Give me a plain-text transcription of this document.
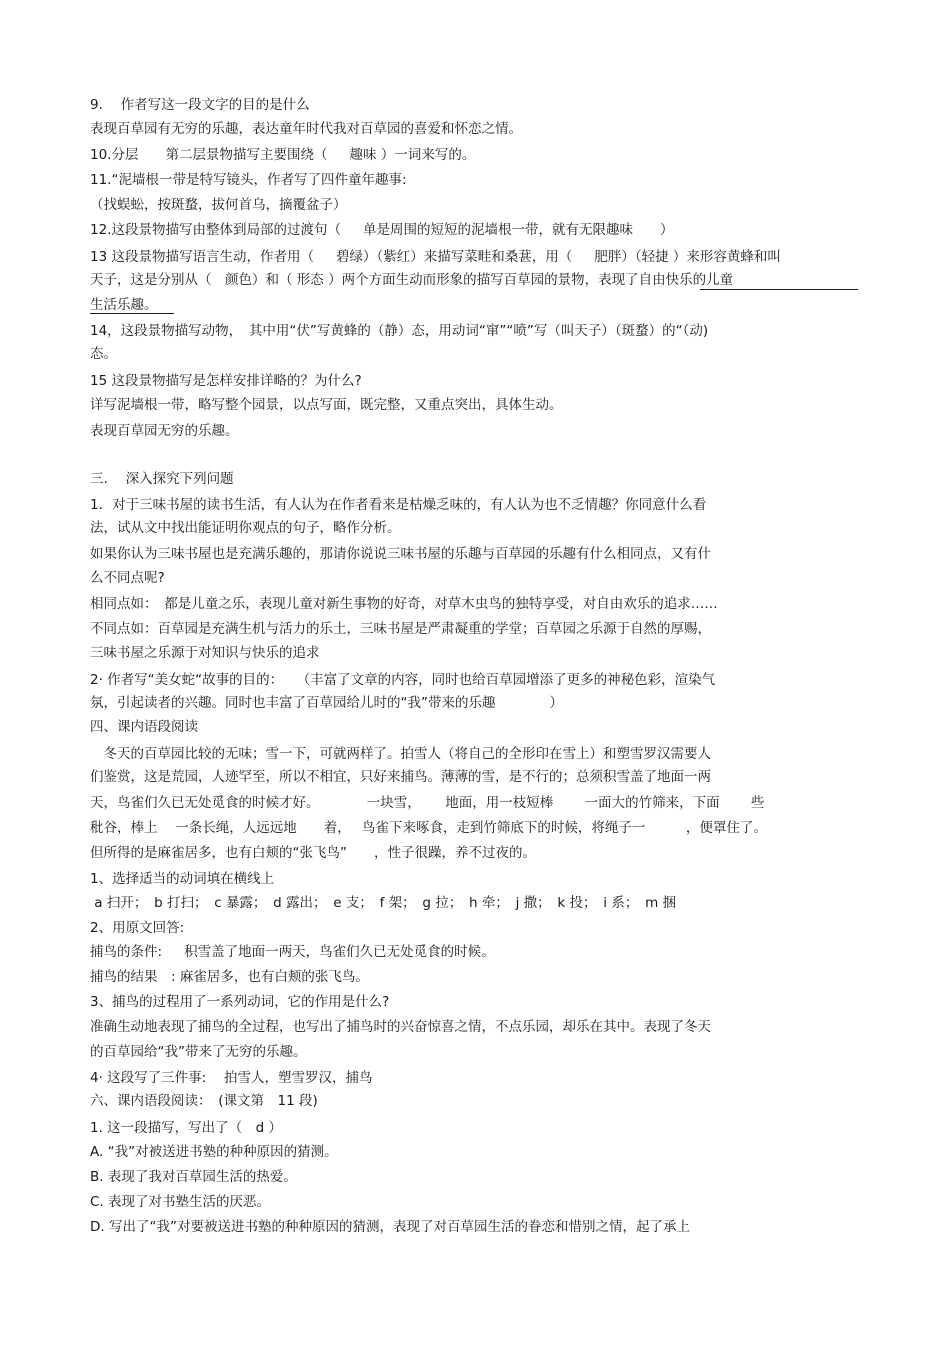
9.　 作者写这一段文字的目的是什么
表现百草园有无穷的乐趣，表达童年时代我对百草园的喜爱和怀恋之情。
10.分层　　第二层景物描写主要围绕（　  趣味 ）一词来写的。
11.“泥墙根一带是特写镜头，作者写了四件童年趣事:
（找蜈蚣，按斑蝥，拔何首乌，摘覆盆子）
12.这段景物描写由整体到局部的过渡句（　  单是周围的短短的泥墙根一带，就有无限趣味　　）
13 这段景物描写语言生动，作者用（　  碧绿）（紫红）来描写菜畦和桑葚，用（　  肥胖）（轻捷 ）来形容黄蜂和叫
天子，这是分别从（　颜色）和（ 形态 ）两个方面生动而形象的描写百草园的景物，表现了自由快乐的儿童
生活乐趣。
14，这段景物描写动物，　其中用“伏”写黄蜂的（静）态，用动词“窜”“喷”写（叫天子）（斑蝥）的“（动)
态。
15 这段景物描写是怎样安排详略的？为什么?
详写泥墙根一带，略写整个园景，以点写面，既完整，又重点突出，具体生动。
表现百草园无穷的乐趣。
三.　 深入探究下列问题
1．对于三味书屋的读书生活，有人认为在作者看来是枯燥乏味的，有人认为也不乏情趣？你同意什么看
法，试从文中找出能证明你观点的句子，略作分析。
如果你认为三味书屋也是充满乐趣的，那请你说说三味书屋的乐趣与百草园的乐趣有什么相同点，又有什
么不同点呢?
相同点如：　都是儿童之乐，表现儿童对新生事物的好奇，对草木虫鸟的独特享受，对自由欢乐的追求……
不同点如：百草园是充满生机与活力的乐土，三味书屋是严肃凝重的学堂；百草园之乐源于自然的厚赐，
三味书屋之乐源于对知识与快乐的追求
2· 作者写“美女蛇“故事的目的：　　（丰富了文章的内容，同时也给百草园增添了更多的神秘色彩，渲染气
氛，引起读者的兴趣。同时也丰富了百草园给儿时的“我”带来的乐趣　　　　）
四、课内语段阅读
　冬天的百草园比较的无味；雪一下，可就两样了。拍雪人（将自己的全形印在雪上）和塑雪罗汉需要人
们鉴赏，这是荒园，人迹罕至，所以不相宜，只好来捕鸟。薄薄的雪，是不行的；总须积雪盖了地面一两
天，鸟雀们久已无处觅食的时候才好。　　　　一块雪，　　 地面，用一枝短棒　　 一面大的竹筛来，下面　　 些
秕谷，棒上　 一条长绳，人远远地　　着，　 鸟雀下来啄食，走到竹筛底下的时候，将绳子一　　　，便罩住了。
但所得的是麻雀居多，也有白颊的“张飞鸟”　　，性子很躁，养不过夜的。
1、选择适当的动词填在横线上
a 扫开；　b 打扫；　c 暴露；　d 露出；　e 支；　f 架；　g 拉；　h 牵；　j 撒；　k 投；　i 系；　m 捆
2、用原文回答:
捕鸟的条件:　  积雪盖了地面一两天，鸟雀们久已无处觅食的时候。
捕鸟的结果　: 麻雀居多，也有白颊的张飞鸟。
3、捕鸟的过程用了一系列动词，它的作用是什么?
准确生动地表现了捕鸟的全过程，也写出了捕鸟时的兴奋惊喜之情，不点乐园，却乐在其中。表现了冬天
的百草园给“我”带来了无穷的乐趣。
4· 这段写了三件事:　 拍雪人，塑雪罗汉，捕鸟
六、课内语段阅读：　(课文第　11 段)
1. 这一段描写，写出了（　d ）
A. “我”对被送进书塾的种种原因的猜测。
B. 表现了我对百草园生活的热爱。
C. 表现了对书塾生活的厌恶。
D. 写出了“我”对要被送进书塾的种种原因的猜测，表现了对百草园生活的眷恋和惜别之情，起了承上
